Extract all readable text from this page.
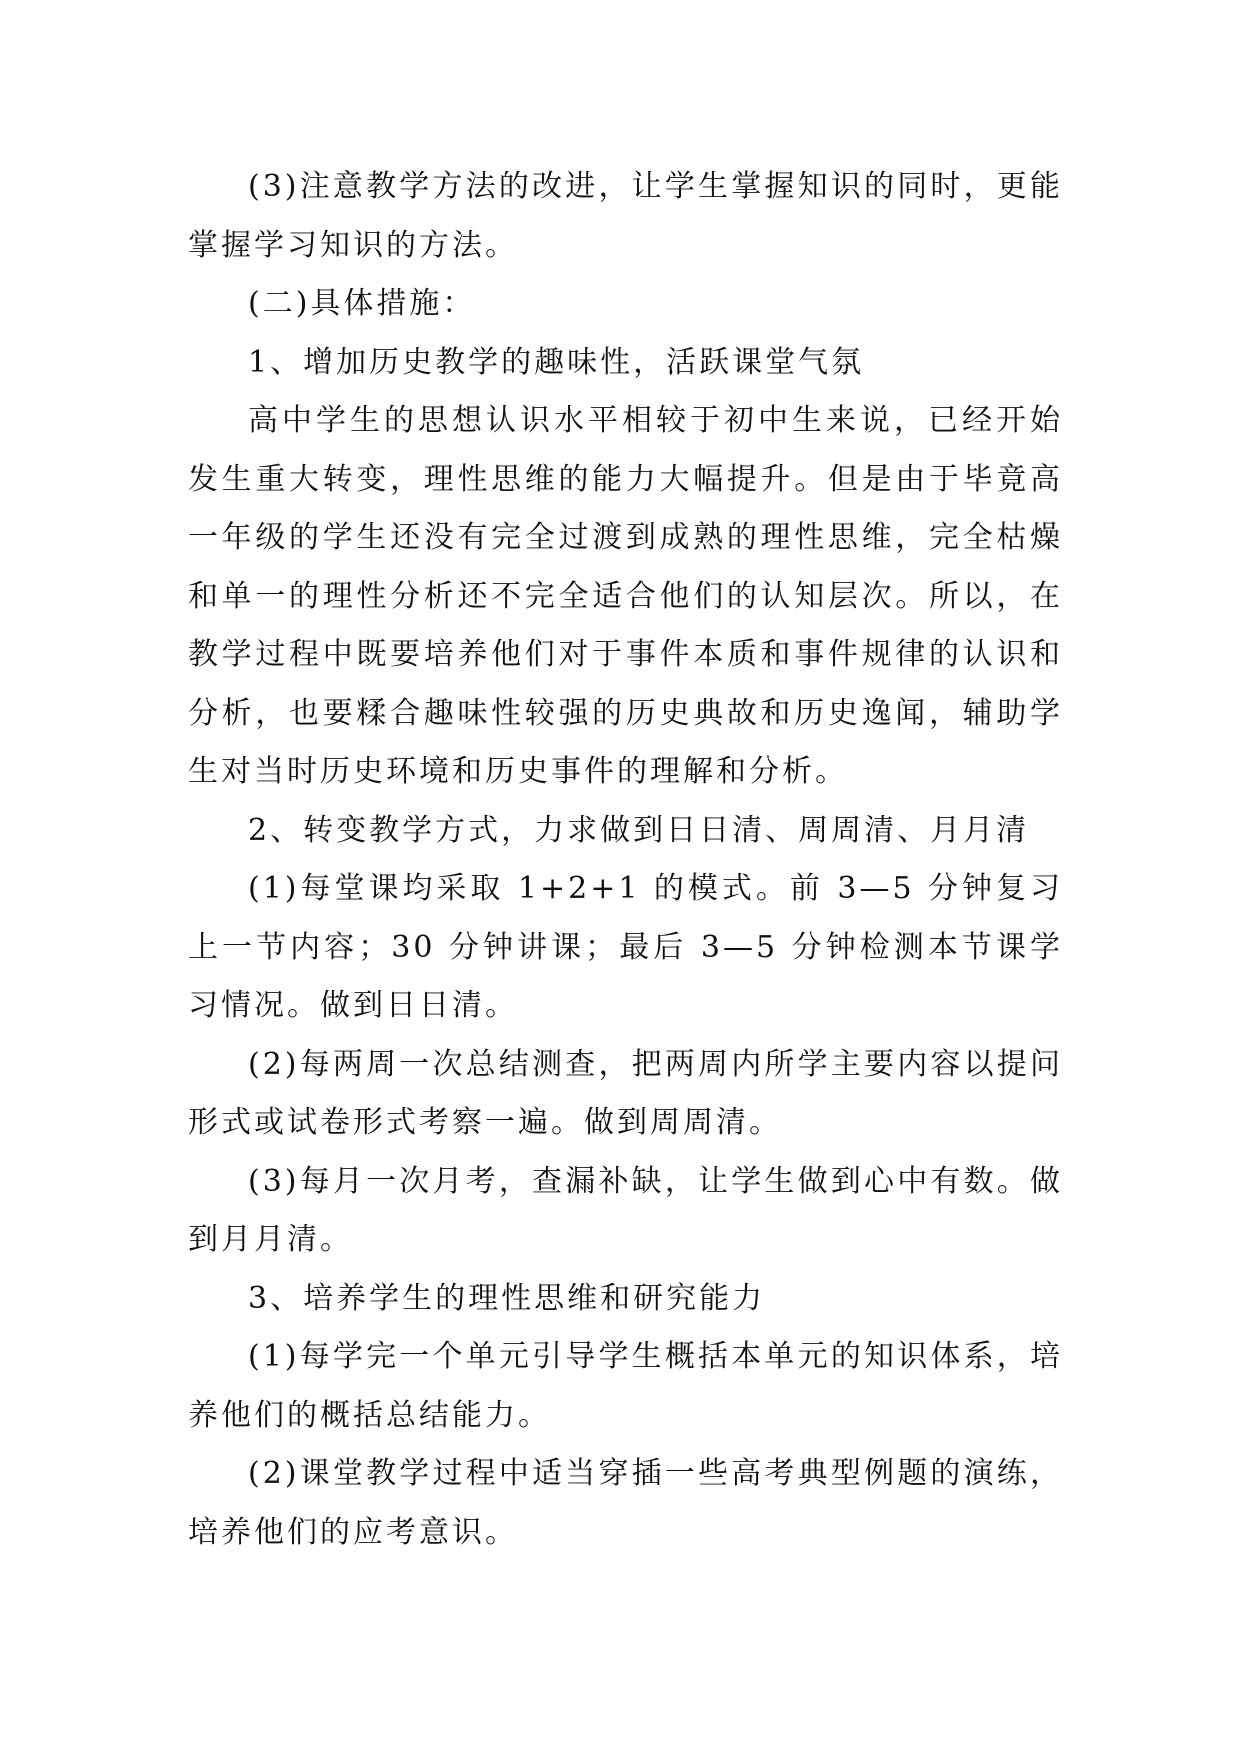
(3)注意教学方法的改进，让学生掌握知识的同时，更能掌握学习知识的方法。

(二)具体措施：

1、增加历史教学的趣味性，活跃课堂气氛

高中学生的思想认识水平相较于初中生来说，已经开始发生重大转变，理性思维的能力大幅提升。但是由于毕竟高一年级的学生还没有完全过渡到成熟的理性思维，完全枯燥和单一的理性分析还不完全适合他们的认知层次。所以，在教学过程中既要培养他们对于事件本质和事件规律的认识和分析，也要糅合趣味性较强的历史典故和历史逸闻，辅助学生对当时历史环境和历史事件的理解和分析。

2、转变教学方式，力求做到日日清、周周清、月月清

(1)每堂课均采取 1+2+1 的模式。前 3—5 分钟复习上一节内容；30 分钟讲课；最后 3—5 分钟检测本节课学习情况。做到日日清。

(2)每两周一次总结测查，把两周内所学主要内容以提问形式或试卷形式考察一遍。做到周周清。

(3)每月一次月考，查漏补缺，让学生做到心中有数。做到月月清。

3、培养学生的理性思维和研究能力

(1)每学完一个单元引导学生概括本单元的知识体系，培养他们的概括总结能力。

(2)课堂教学过程中适当穿插一些高考典型例题的演练，培养他们的应考意识。
